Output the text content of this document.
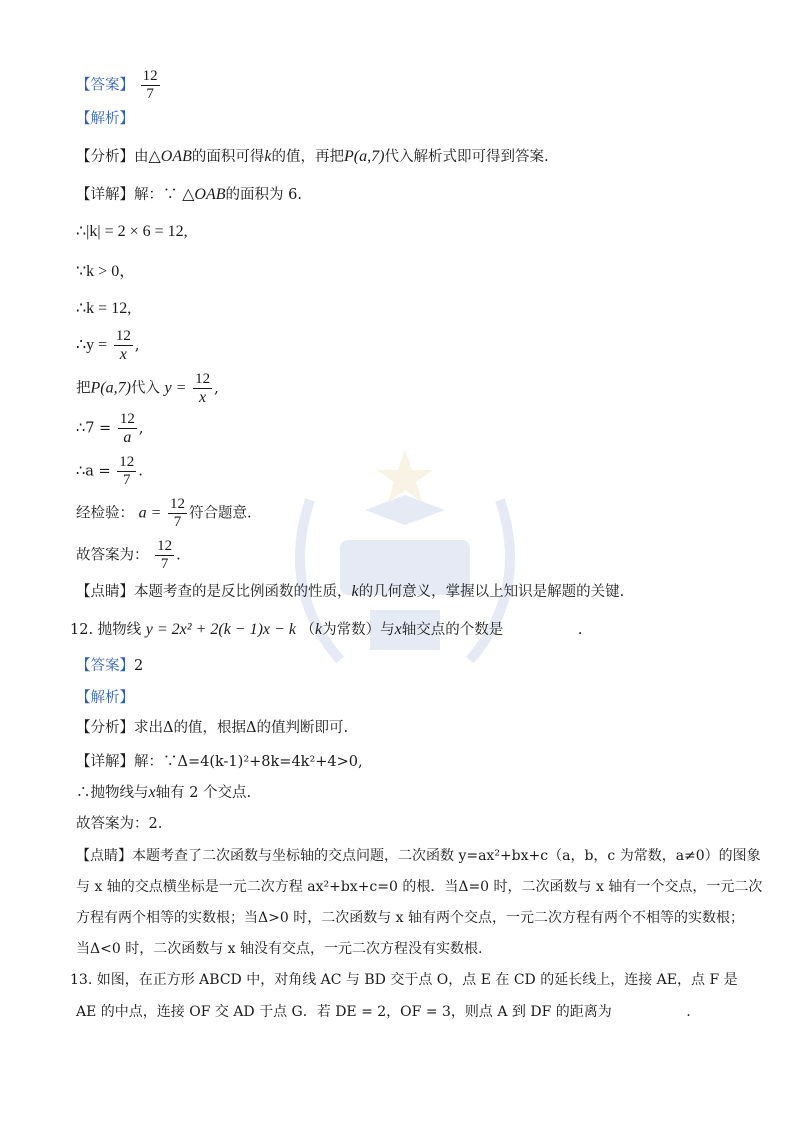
【答案】 $\frac{12}{7}$
【解析】
【分析】由△OAB的面积可得k的值，再把P(a,7)代入解析式即可得到答案.
【详解】解：∵ △OAB的面积为 6.
∴|k| = 2 × 6 = 12,
∵k > 0，
∴k = 12,
∴y = $\frac{12}{x}$ ,
把P(a,7)代入 $y = \frac{12}{x}$ ,
∴7 = $\frac{12}{a}$ ,
∴a = $\frac{12}{7}$ .
经检验： $a = \frac{12}{7}$ 符合题意.
故答案为： $\frac{12}{7}$ .
【点睛】本题考查的是反比例函数的性质，k的几何意义，掌握以上知识是解题的关键.
12. 抛物线 y = 2x² + 2(k − 1)x − k （k为常数）与x轴交点的个数是	.
【答案】2
【解析】
【分析】求出Δ的值，根据Δ的值判断即可.
【详解】解：∵Δ=4(k-1)²+8k=4k²+4>0,
∴抛物线与x轴有 2 个交点.
故答案为：2.
【点睛】本题考查了二次函数与坐标轴的交点问题，二次函数 y=ax²+bx+c（a，b，c 为常数，a≠0）的图象
与 x 轴的交点横坐标是一元二次方程 ax²+bx+c=0 的根．当Δ=0 时，二次函数与 x 轴有一个交点，一元二次
方程有两个相等的实数根；当Δ>0 时，二次函数与 x 轴有两个交点，一元二次方程有两个不相等的实数根；
当Δ<0 时，二次函数与 x 轴没有交点，一元二次方程没有实数根.
13. 如图，在正方形 ABCD 中，对角线 AC 与 BD 交于点 O，点 E 在 CD 的延长线上，连接 AE，点 F 是
AE 的中点，连接 OF 交 AD 于点 G．若 DE = 2，OF = 3，则点 A 到 DF 的距离为	.
